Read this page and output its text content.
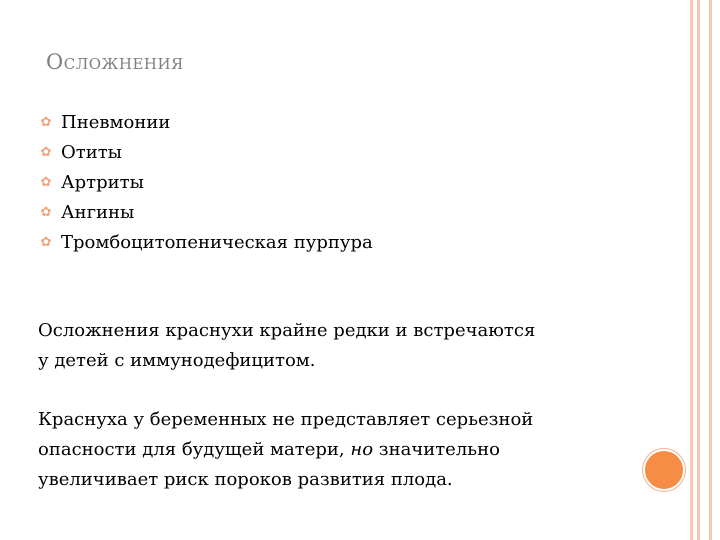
Осложнения
✿ Пневмонии
✿ Отиты
✿ Артриты
✿ Ангины
✿ Тромбоцитопеническая пурпура

Осложнения краснухи крайне редки и встречаются
у детей с иммунодефицитом.

Краснуха у беременных не представляет серьезной
опасности для будущей матери, но значительно
увеличивает риск пороков развития плода.
